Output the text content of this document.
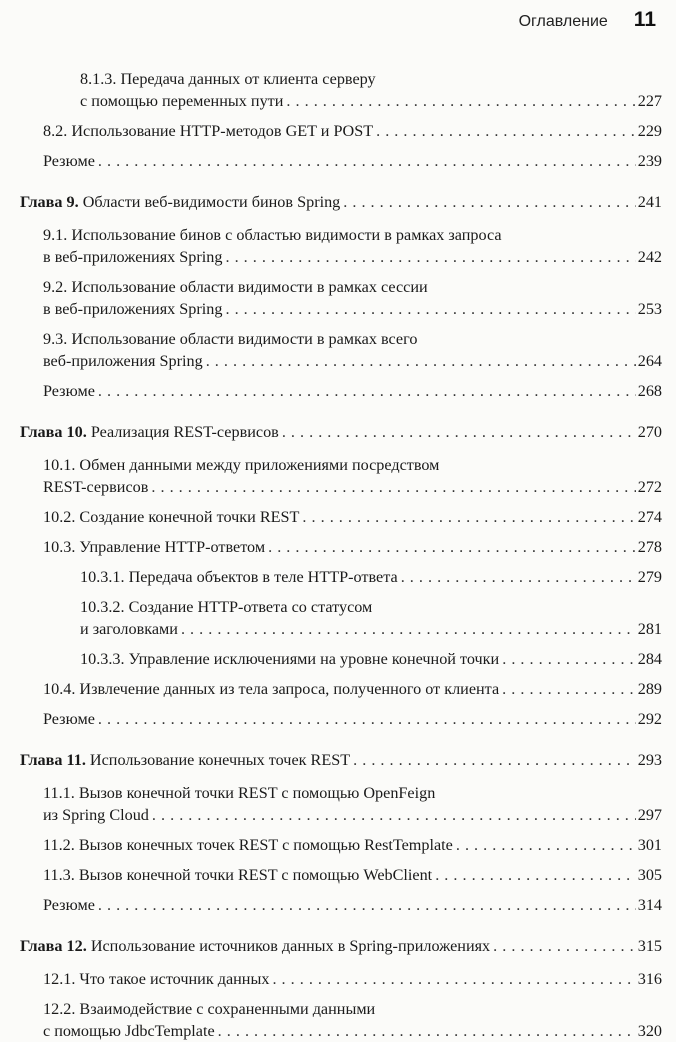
Оглавление 11
8.1.3. Передача данных от клиента серверу
с помощью переменных пути . . .	227
8.2. Использование HTTP-методов GET и POST . . .	229
Резюме . . .	239
Глава 9. Области веб-видимости бинов Spring . . .	241
9.1. Использование бинов с областью видимости в рамках запроса
в веб-приложениях Spring . . .	242
9.2. Использование области видимости в рамках сессии
в веб-приложениях Spring . . .	253
9.3. Использование области видимости в рамках всего
веб-приложения Spring . . .	264
Резюме . . .	268
Глава 10. Реализация REST-сервисов . . .	270
10.1. Обмен данными между приложениями посредством
REST-сервисов . . .	272
10.2. Создание конечной точки REST . . .	274
10.3. Управление HTTP-ответом . . .	278
10.3.1. Передача объектов в теле HTTP-ответа . . .	279
10.3.2. Создание HTTP-ответа со статусом
и заголовками . . .	281
10.3.3. Управление исключениями на уровне конечной точки . . .	284
10.4. Извлечение данных из тела запроса, полученного от клиента . . .	289
Резюме . . .	292
Глава 11. Использование конечных точек REST . . .	293
11.1. Вызов конечной точки REST с помощью OpenFeign
из Spring Cloud . . .	297
11.2. Вызов конечных точек REST с помощью RestTemplate . . .	301
11.3. Вызов конечной точки REST с помощью WebClient . . .	305
Резюме . . .	314
Глава 12. Использование источников данных в Spring-приложениях . . .	315
12.1. Что такое источник данных . . .	316
12.2. Взаимодействие с сохраненными данными
с помощью JdbcTemplate . . .	320
